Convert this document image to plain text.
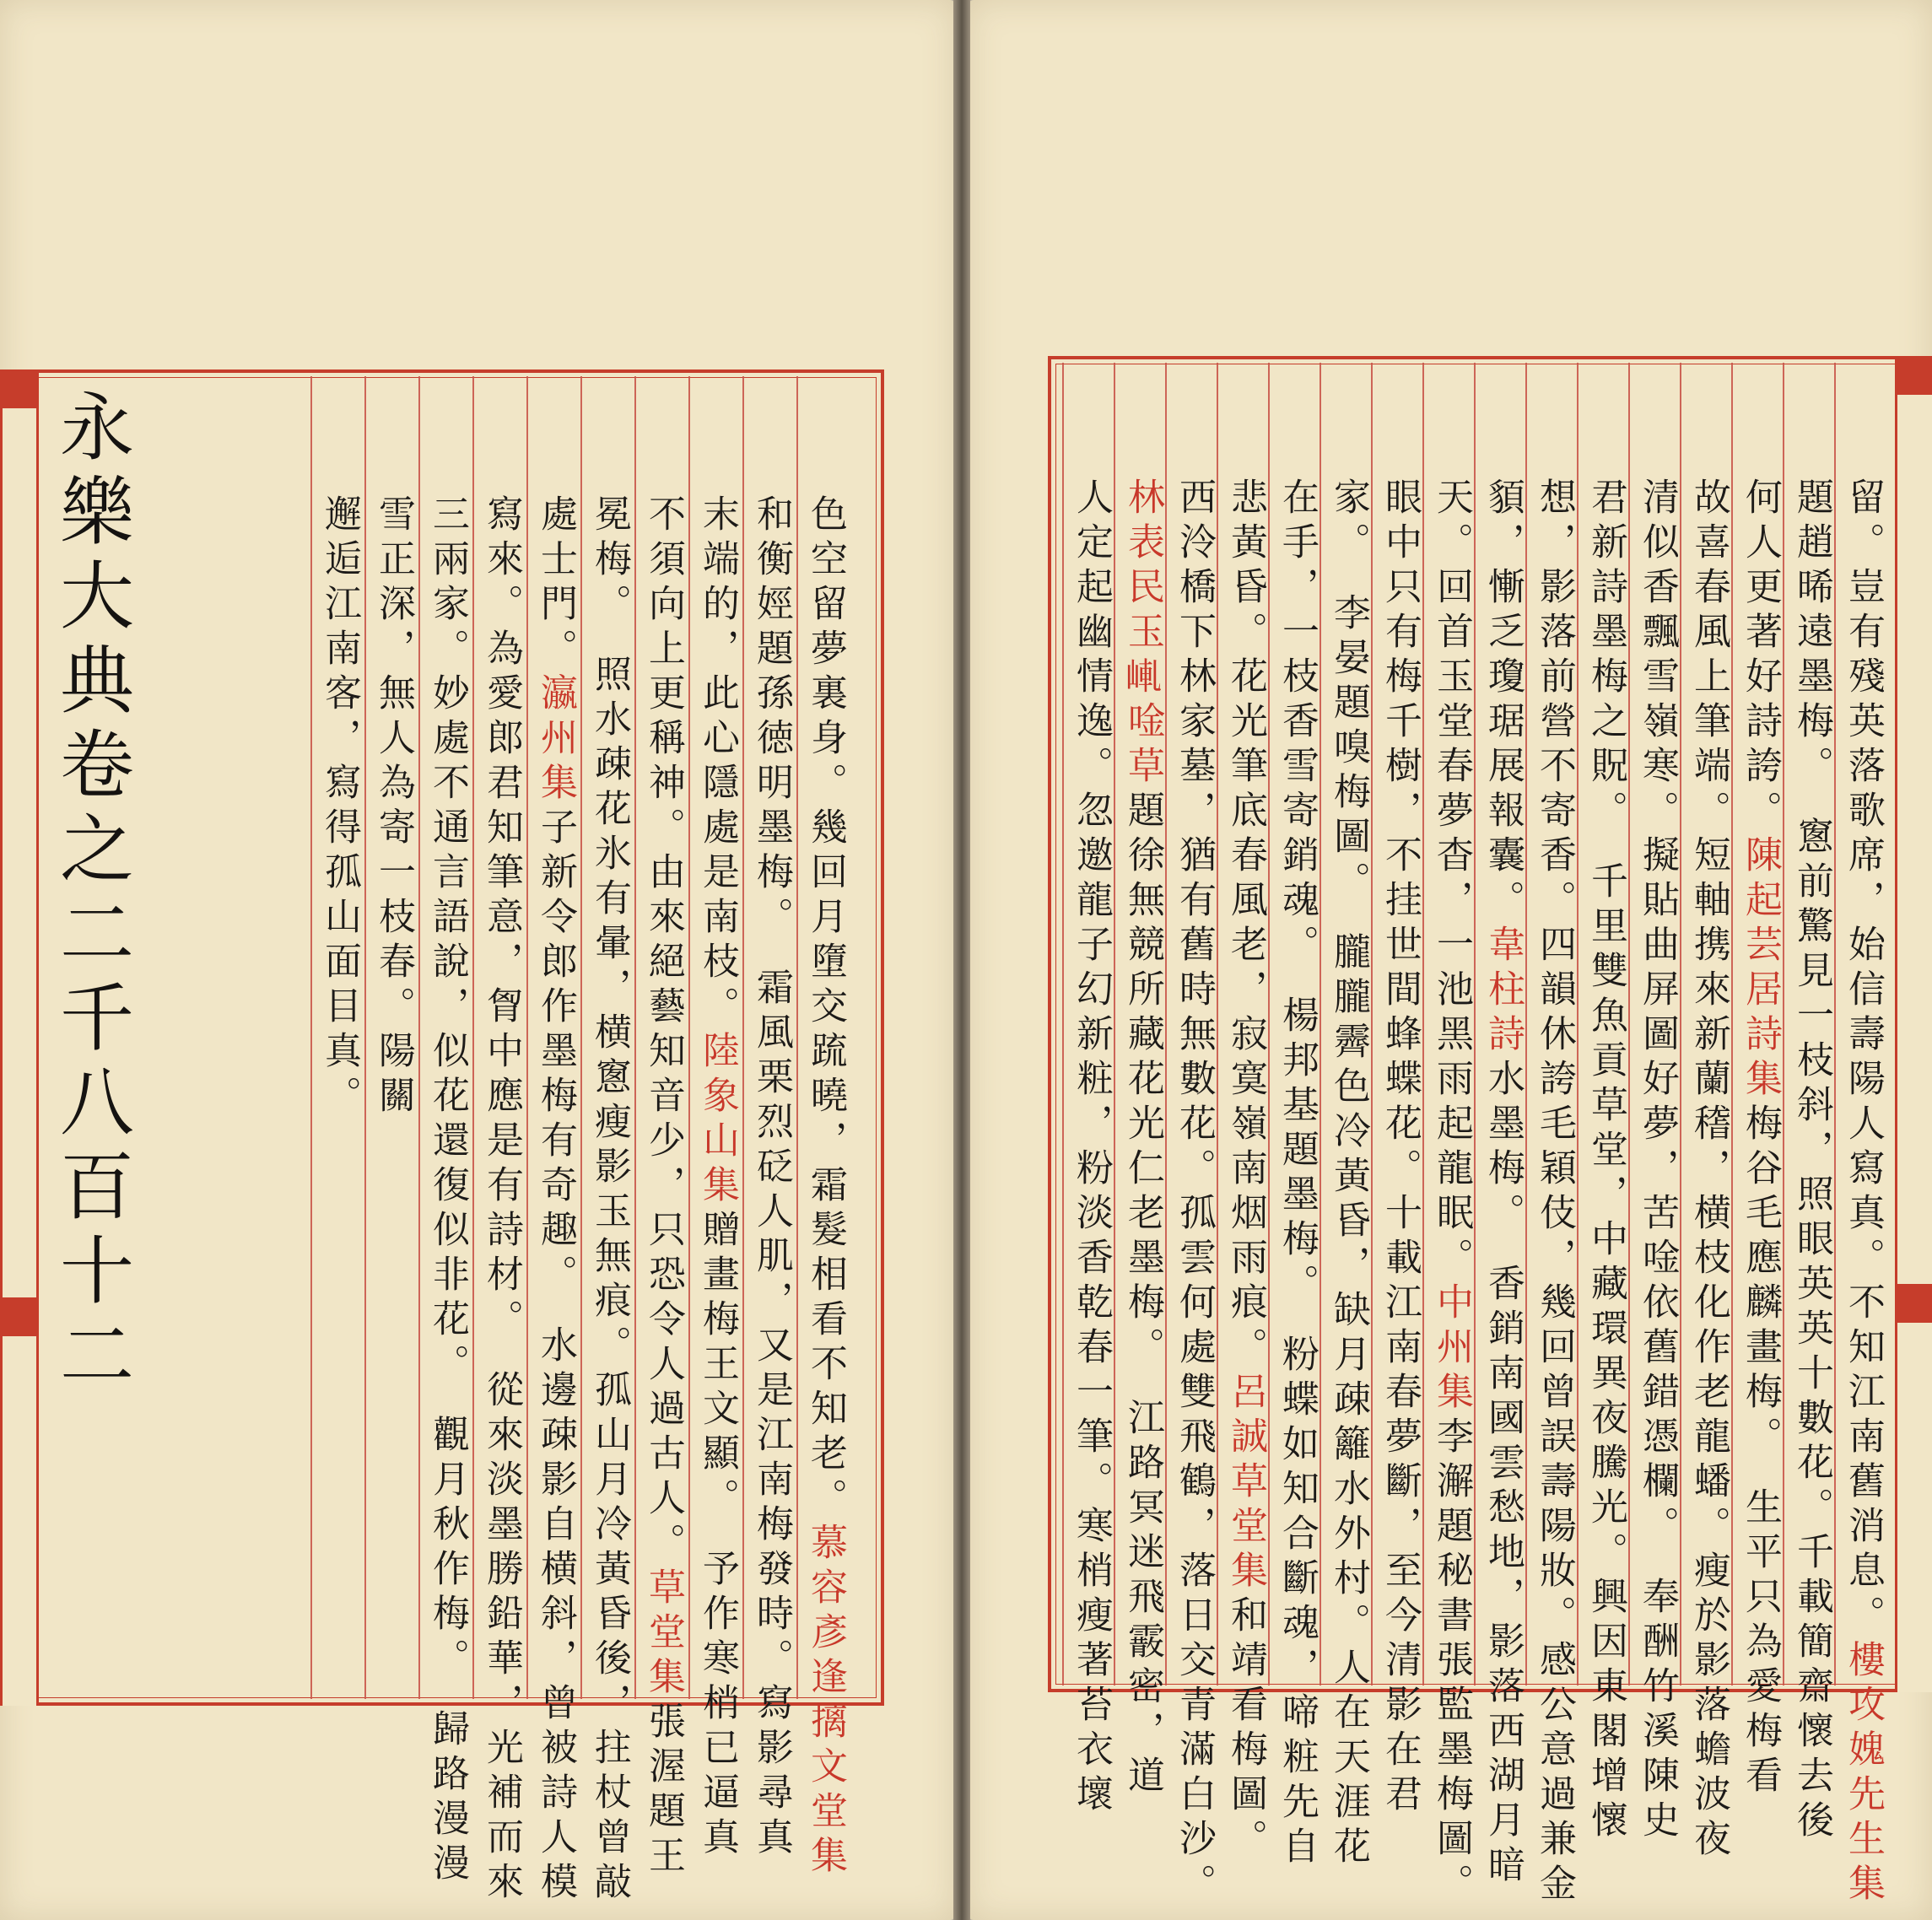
永樂大典卷之二千八百十二	色空留夢裏身。幾回月墮交䟽曉，霜髮相看不知老。慕容彥逢摛文堂集
和衡娙題孫徳明墨梅。　霜風栗烈砭人肌，又是江南梅發時。寫影尋真
末端的，此心隱處是南枝。陸象山集贈畫梅王文顯。　予作寒梢已逼真
不須向上更稱神。由來絕藝知音少，只恐令人過古人。草堂集張渥題王
冕梅。　照水疎花氷有暈，横窻瘦影玉無痕。孤山月冷黃昏後，拄杖曾敲
處士門。瀛州集子新令郎作墨梅有奇趣。　水邊疎影自横斜，曾被詩人模
寫來。為愛郎君知筆意，胷中應是有詩材。　從來淡墨勝鉛華，光補而來
三兩家。妙處不通言語說，似花還復似非花。　觀月秋作梅。　歸路漫漫
雪正深，無人為寄一枝春。陽關
邂逅江南客，寫得孤山面目真。	留。豈有殘英落歌席，始信壽陽人寫真。不知江南舊消息。樓攻媿先生集
題趙晞遠墨梅。　窻前驚見一枝斜，照眼英英十數花。千載簡齋懷去後
何人更著好詩誇。陳起芸居詩集梅谷毛應麟畫梅。　生平只為愛梅看
故喜春風上筆端。短軸携來新蘭𥡴，横枝化作老龍蟠。瘦於影落蟾波夜
清似香飄雪嶺寒。擬貼曲屏圖好夢，苦唫依舊錯憑欄。　奉酬竹溪陳史
君新詩墨梅之貺。　千里雙魚貢草堂，中藏環異夜騰光。興因東閣增懷
想，影落前營不寄香。四韻休誇毛穎伎，幾回曾誤壽陽妝。感公意過兼金
䫉，慚乏瓊琚展報囊。韋柱詩水墨梅。　香銷南國雲愁地，影落西湖月暗
天。回首玉堂春夢杳，一池黑雨起龍眠。中州集李澥題秘書張監墨梅圖。
眼中只有梅千樹，不挂世間蜂蝶花。十載江南春夢斷，至今清影在君
家。　李晏題嗅梅圖。　朧朧霽色冷黃昏，缺月疎籬水外村。人在天涯花
在手，一枝香雪寄銷魂。　楊邦基題墨梅。　粉蝶如知合斷魂，啼粧先自
悲黃昏。花光筆底春風老，寂寞嶺南烟雨痕。呂誠草堂集和靖看梅圖。
西泠橋下林家墓，猶有舊時無數花。孤雲何處雙飛鶴，落日交青滿白沙。
林表民玉𡸗唫草題徐無競所藏花光仁老墨梅。　江路冥迷飛霰密，道
人定起幽情逸。忽邀龍子幻新粧，粉淡香乾春一筆。寒梢瘦著苔衣壞
